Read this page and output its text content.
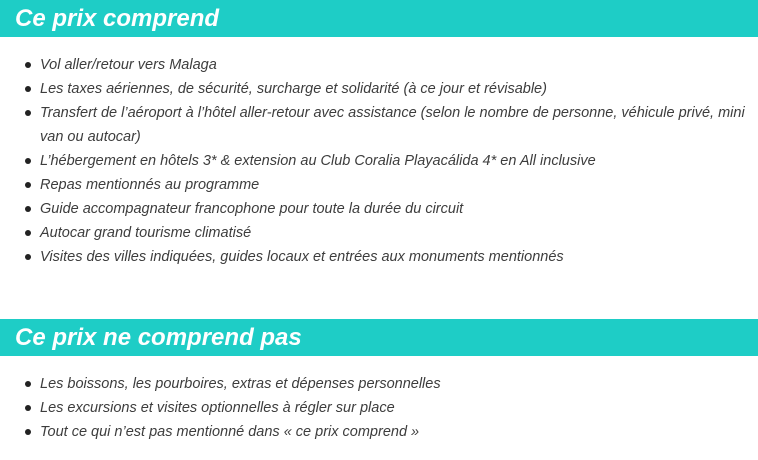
Ce prix comprend
Vol aller/retour vers Malaga
Les taxes aériennes, de sécurité, surcharge et solidarité (à ce jour et révisable)
Transfert de l’aéroport à l’hôtel aller-retour avec assistance (selon le nombre de personne, véhicule privé, mini van ou autocar)
L’hébergement en hôtels 3* & extension au Club Coralia Playacálida 4* en All inclusive
Repas mentionnés au programme
Guide accompagnateur francophone pour toute la durée du circuit
Autocar grand tourisme climatisé
Visites des villes indiquées, guides locaux et entrées aux monuments mentionnés
Ce prix ne comprend pas
Les boissons, les pourboires, extras et dépenses personnelles
Les excursions et visites optionnelles à régler sur place
Tout ce qui n’est pas mentionné dans « ce prix comprend »
